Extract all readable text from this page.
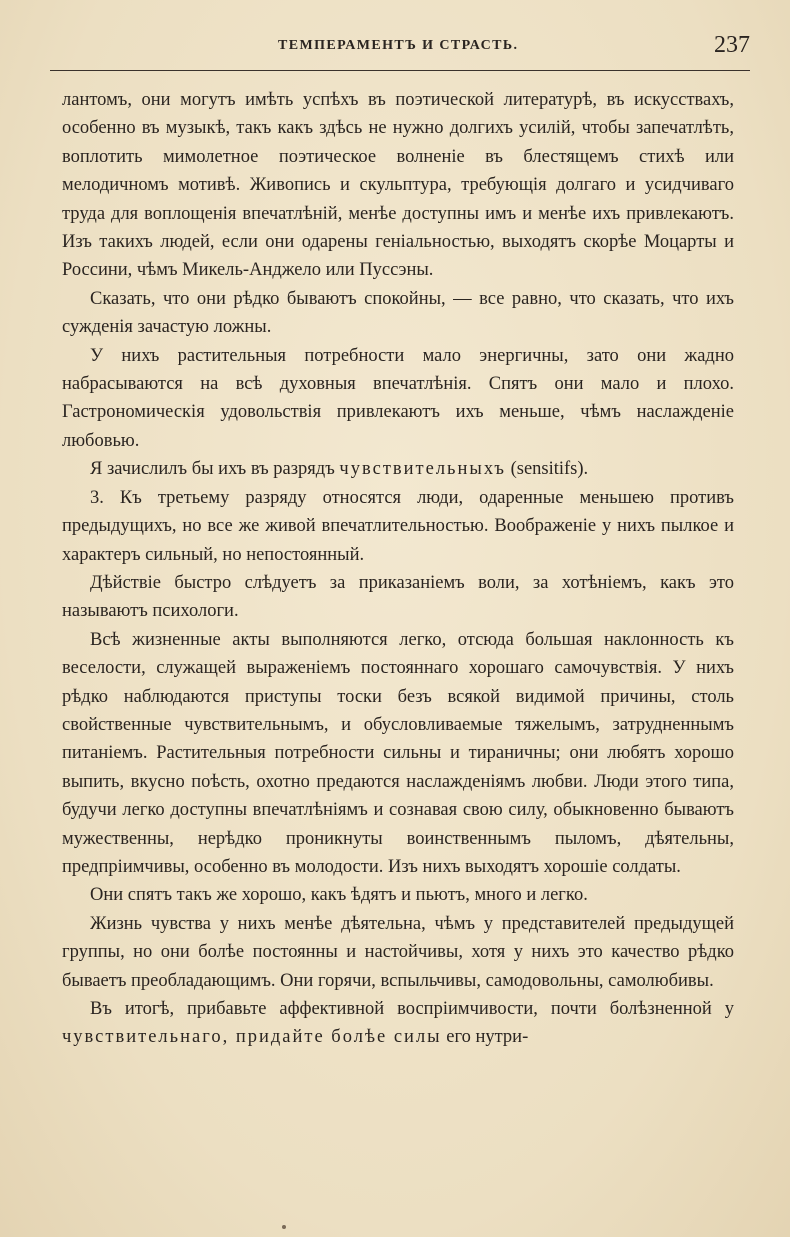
ТЕМПЕРАМЕНТЪ И СТРАСТЬ.	237

лантомъ, они могутъ имѣть успѣхъ въ поэтической литературѣ, въ искусствахъ, особенно въ музыкѣ, такъ какъ здѣсь не нужно долгихъ усилій, чтобы запечатлѣть, воплотить мимолетное поэтическое волненіе въ блестящемъ стихѣ или мелодичномъ мотивѣ. Живопись и скульптура, требующія долгаго и усидчиваго труда для воплощенія впечатлѣній, менѣе доступны имъ и менѣе ихъ привлекаютъ. Изъ такихъ людей, если они одарены геніальностью, выходятъ скорѣе Моцарты и Россини, чѣмъ Микель-Анджело или Пуссэны.

Сказать, что они рѣдко бываютъ спокойны, — все равно, что сказать, что ихъ сужденія зачастую ложны.

У нихъ растительныя потребности мало энергичны, зато они жадно набрасываются на всѣ духовныя впечатлѣнія. Спятъ они мало и плохо. Гастрономическія удовольствія привлекаютъ ихъ меньше, чѣмъ наслажденіе любовью.

Я зачислилъ бы ихъ въ разрядъ чувствительныхъ (sensitifs).

3. Къ третьему разряду относятся люди, одаренные меньшею противъ предыдущихъ, но все же живой впечатлительностью. Воображеніе у нихъ пылкое и характеръ сильный, но непостоянный.

Дѣйствіе быстро слѣдуетъ за приказаніемъ воли, за хотѣніемъ, какъ это называютъ психологи.

Всѣ жизненные акты выполняются легко, отсюда большая наклонность къ веселости, служащей выраженіемъ постояннаго хорошаго самочувствія. У нихъ рѣдко наблюдаются приступы тоски безъ всякой видимой причины, столь свойственные чувствительнымъ, и обусловливаемые тяжелымъ, затрудненнымъ питаніемъ. Растительныя потребности сильны и тираничны; они любятъ хорошо выпить, вкусно поѣсть, охотно предаются наслажденіямъ любви. Люди этого типа, будучи легко доступны впечатлѣніямъ и сознавая свою силу, обыкновенно бываютъ мужественны, нерѣдко проникнуты воинственнымъ пыломъ, дѣятельны, предпріимчивы, особенно въ молодости. Изъ нихъ выходятъ хорошіе солдаты.

Они спятъ такъ же хорошо, какъ ѣдятъ и пьютъ, много и легко.

Жизнь чувства у нихъ менѣе дѣятельна, чѣмъ у представителей предыдущей группы, но они болѣе постоянны и настойчивы, хотя у нихъ это качество рѣдко бываетъ преобладающимъ. Они горячи, вспыльчивы, самодовольны, самолюбивы.

Въ итогѣ, прибавьте аффективной воспріимчивости, почти болѣзненной у чувствительнаго, придайте болѣе силы его нутри-
